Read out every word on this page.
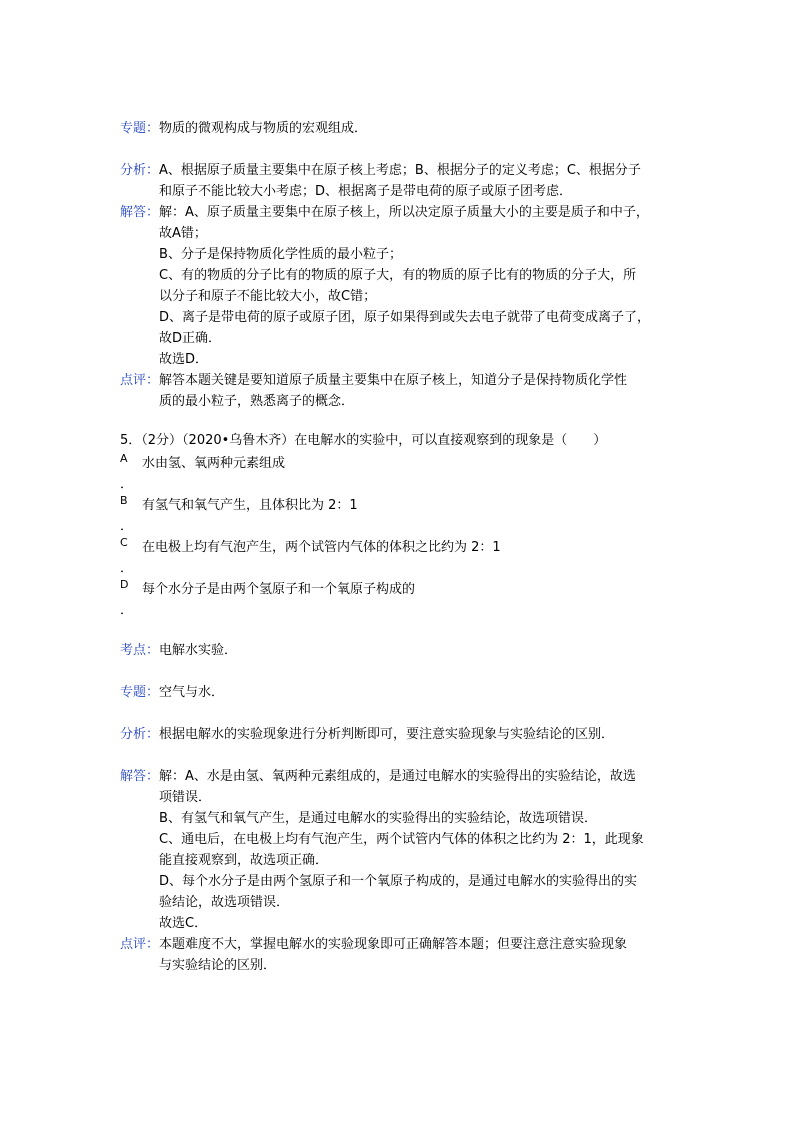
专题 ： 物质的微观构成与物质的宏观组成．
分析 ： A、根据原子质量主要集中在原子核上考虑；B、根据分子的定义考虑；C、根据分子
和原子不能比较大小考虑；D、根据离子是带电荷的原子或原子团考虑．
解答 ： 解：A、原子质量主要集中在原子核上，所以决定原子质量大小的主要是质子和中子，
故A错；
B、分子是保持物质化学性质的最小粒子；
C、有的物质的分子比有的物质的原子大，有的物质的原子比有的物质的分子大，所
以分子和原子不能比较大小，故C错；
D、离子是带电荷的原子或原子团，原子如果得到或失去电子就带了电荷变成离子了，
故D正确．
故选D．
点评 ： 解答本题关键是要知道原子质量主要集中在原子核上，知道分子是保持物质化学性
质的最小粒子，熟悉离子的概念．
5．（2分）（2020•乌鲁木齐）在电解水的实验中，可以直接观察到的现象是（　　）
A 水由氢、氧两种元素组成
．
B 有氢气和氧气产生，且体积比为 2：1
．
C 在电极上均有气泡产生，两个试管内气体的体积之比约为 2：1
．
D 每个水分子是由两个氢原子和一个氧原子构成的
．
考点 ： 电解水实验．
专题 ： 空气与水．
分析 ： 根据电解水的实验现象进行分析判断即可，要注意实验现象与实验结论的区别．
解答 ： 解：A、水是由氢、氧两种元素组成的，是通过电解水的实验得出的实验结论，故选
项错误．
B、有氢气和氧气产生，是通过电解水的实验得出的实验结论，故选项错误．
C、通电后，在电极上均有气泡产生，两个试管内气体的体积之比约为 2：1，此现象
能直接观察到，故选项正确．
D、每个水分子是由两个氢原子和一个氧原子构成的，是通过电解水的实验得出的实
验结论，故选项错误．
故选C．
点评 ： 本题难度不大，掌握电解水的实验现象即可正确解答本题；但要注意注意实验现象
与实验结论的区别．
